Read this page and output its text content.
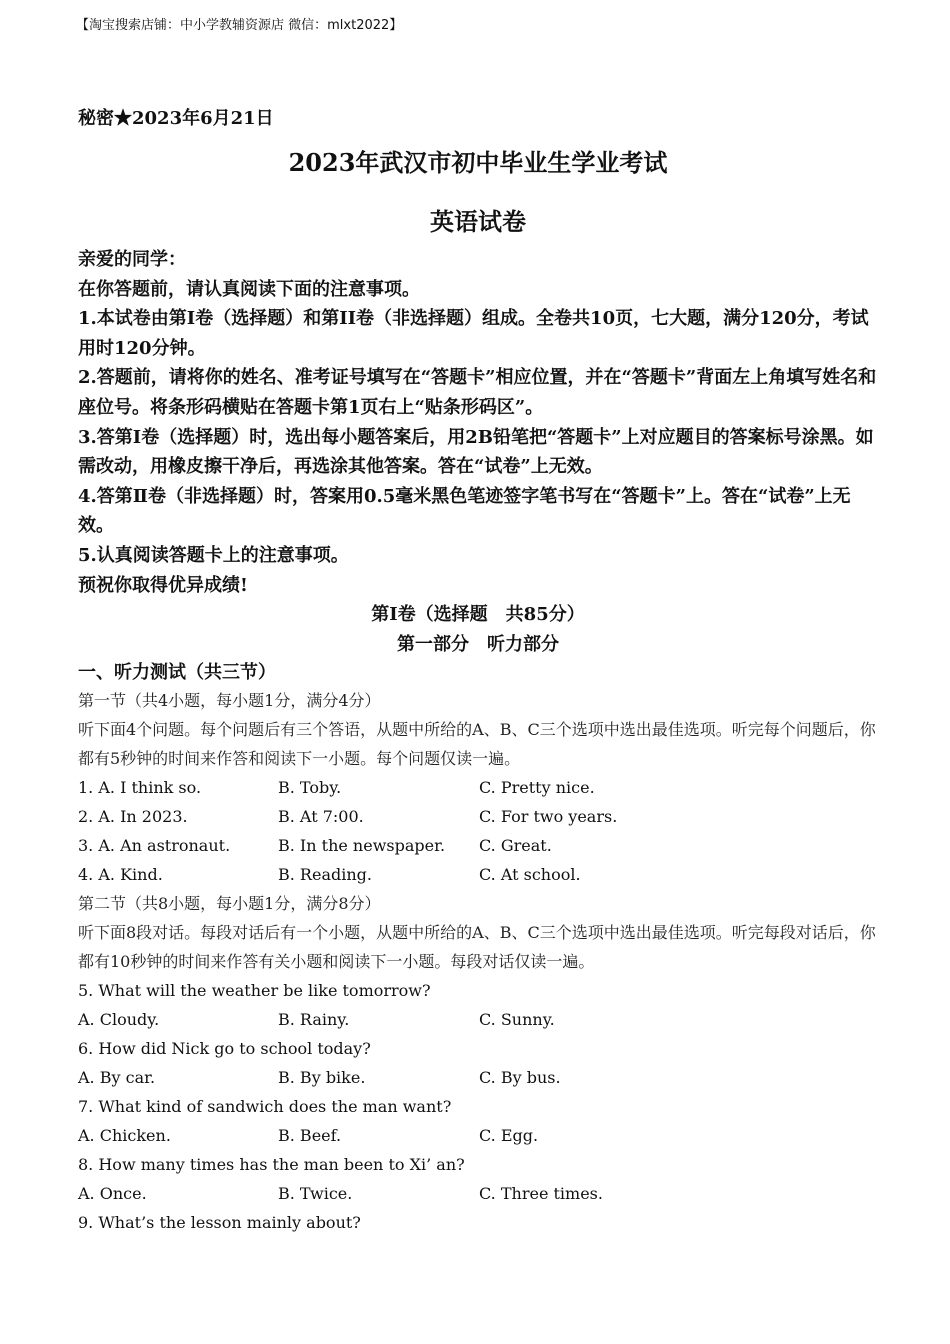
【淘宝搜索店铺：中小学教辅资源店 微信：mlxt2022】
秘密★2023年6月21日
2023年武汉市初中毕业生学业考试
英语试卷

亲爱的同学：

在你答题前，请认真阅读下面的注意事项。

1.本试卷由第Ⅰ卷（选择题）和第II卷（非选择题）组成。全卷共10页，七大题，满分120分，考试用时120分钟。

2.答题前，请将你的姓名、准考证号填写在“答题卡”相应位置，并在“答题卡”背面左上角填写姓名和座位号。将条形码横贴在答题卡第1页右上“贴条形码区”。

3.答第Ⅰ卷（选择题）时，选出每小题答案后，用2B铅笔把“答题卡”上对应题目的答案标号涂黑。如需改动，用橡皮擦干净后，再选涂其他答案。答在“试卷”上无效。

4.答第Ⅱ卷（非选择题）时，答案用0.5毫米黑色笔迹签字笔书写在“答题卡”上。答在“试卷”上无效。

5.认真阅读答题卡上的注意事项。

预祝你取得优异成绩!

第Ⅰ卷（选择题　共85分）

第一部分　听力部分

一、听力测试（共三节）

第一节（共4小题，每小题1分，满分4分）

听下面4个问题。每个问题后有三个答语，从题中所给的A、B、C三个选项中选出最佳选项。听完每个问题后，你都有5秒钟的时间来作答和阅读下一小题。每个问题仅读一遍。

1. A. I think so.	B. Toby.	C. Pretty nice.
2. A. In 2023.	B. At 7:00.	C. For two years.
3. A. An astronaut.	B. In the newspaper.	C. Great.
4. A. Kind.	B. Reading.	C. At school.

第二节（共8小题，每小题1分，满分8分）

听下面8段对话。每段对话后有一个小题，从题中所给的A、B、C三个选项中选出最佳选项。听完每段对话后，你都有10秒钟的时间来作答有关小题和阅读下一小题。每段对话仅读一遍。

5. What will the weather be like tomorrow?

A. Cloudy.	B. Rainy.	C. Sunny.

6. How did Nick go to school today?

A. By car.	B. By bike.	C. By bus.

7. What kind of sandwich does the man want?

A. Chicken.	B. Beef.	C. Egg.

8. How many times has the man been to Xi’ an?

A. Once.	B. Twice.	C. Three times.

9. What’s the lesson mainly about?
